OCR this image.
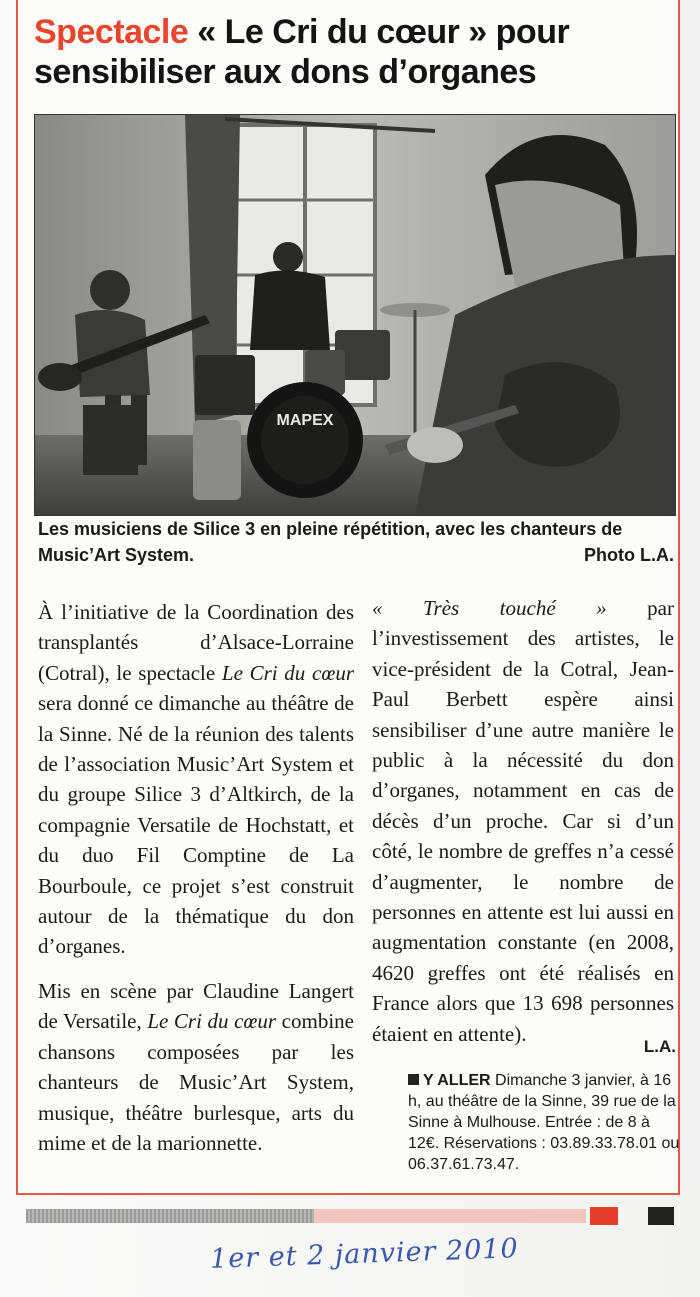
Spectacle « Le Cri du cœur » pour sensibiliser aux dons d’organes
MAPEX
Les musiciens de Silice 3 en pleine répétition, avec les chanteurs de Music’Art System.	Photo L.A.

À l’initiative de la Coordination des transplantés d’Alsace-Lorraine (Cotral), le spectacle Le Cri du cœur sera donné ce dimanche au théâtre de la Sinne. Né de la réunion des talents de l’association Music’Art System et du groupe Silice 3 d’Altkirch, de la compagnie Versatile de Hochstatt, et du duo Fil Comptine de La Bourboule, ce projet s’est construit autour de la thématique du don d’organes.

Mis en scène par Claudine Langert de Versatile, Le Cri du cœur combine chansons composées par les chanteurs de Music’Art System, musique, théâtre burlesque, arts du mime et de la marionnette.

« Très touché » par l’investissement des artistes, le vice-président de la Cotral, Jean-Paul Berbett espère ainsi sensibiliser d’une autre manière le public à la nécessité du don d’organes, notamment en cas de décès d’un proche. Car si d’un côté, le nombre de greffes n’a cessé d’augmenter, le nombre de personnes en attente est lui aussi en augmentation constante (en 2008, 4620 greffes ont été réalisés en France alors que 13 698 personnes étaient en attente).

L.A.
Y ALLER Dimanche 3 janvier, à 16 h, au théâtre de la Sinne, 39 rue de la Sinne à Mulhouse. Entrée : de 8 à 12€. Réservations : 03.89.33.78.01 ou 06.37.61.73.47.
1er et 2 janvier 2010
